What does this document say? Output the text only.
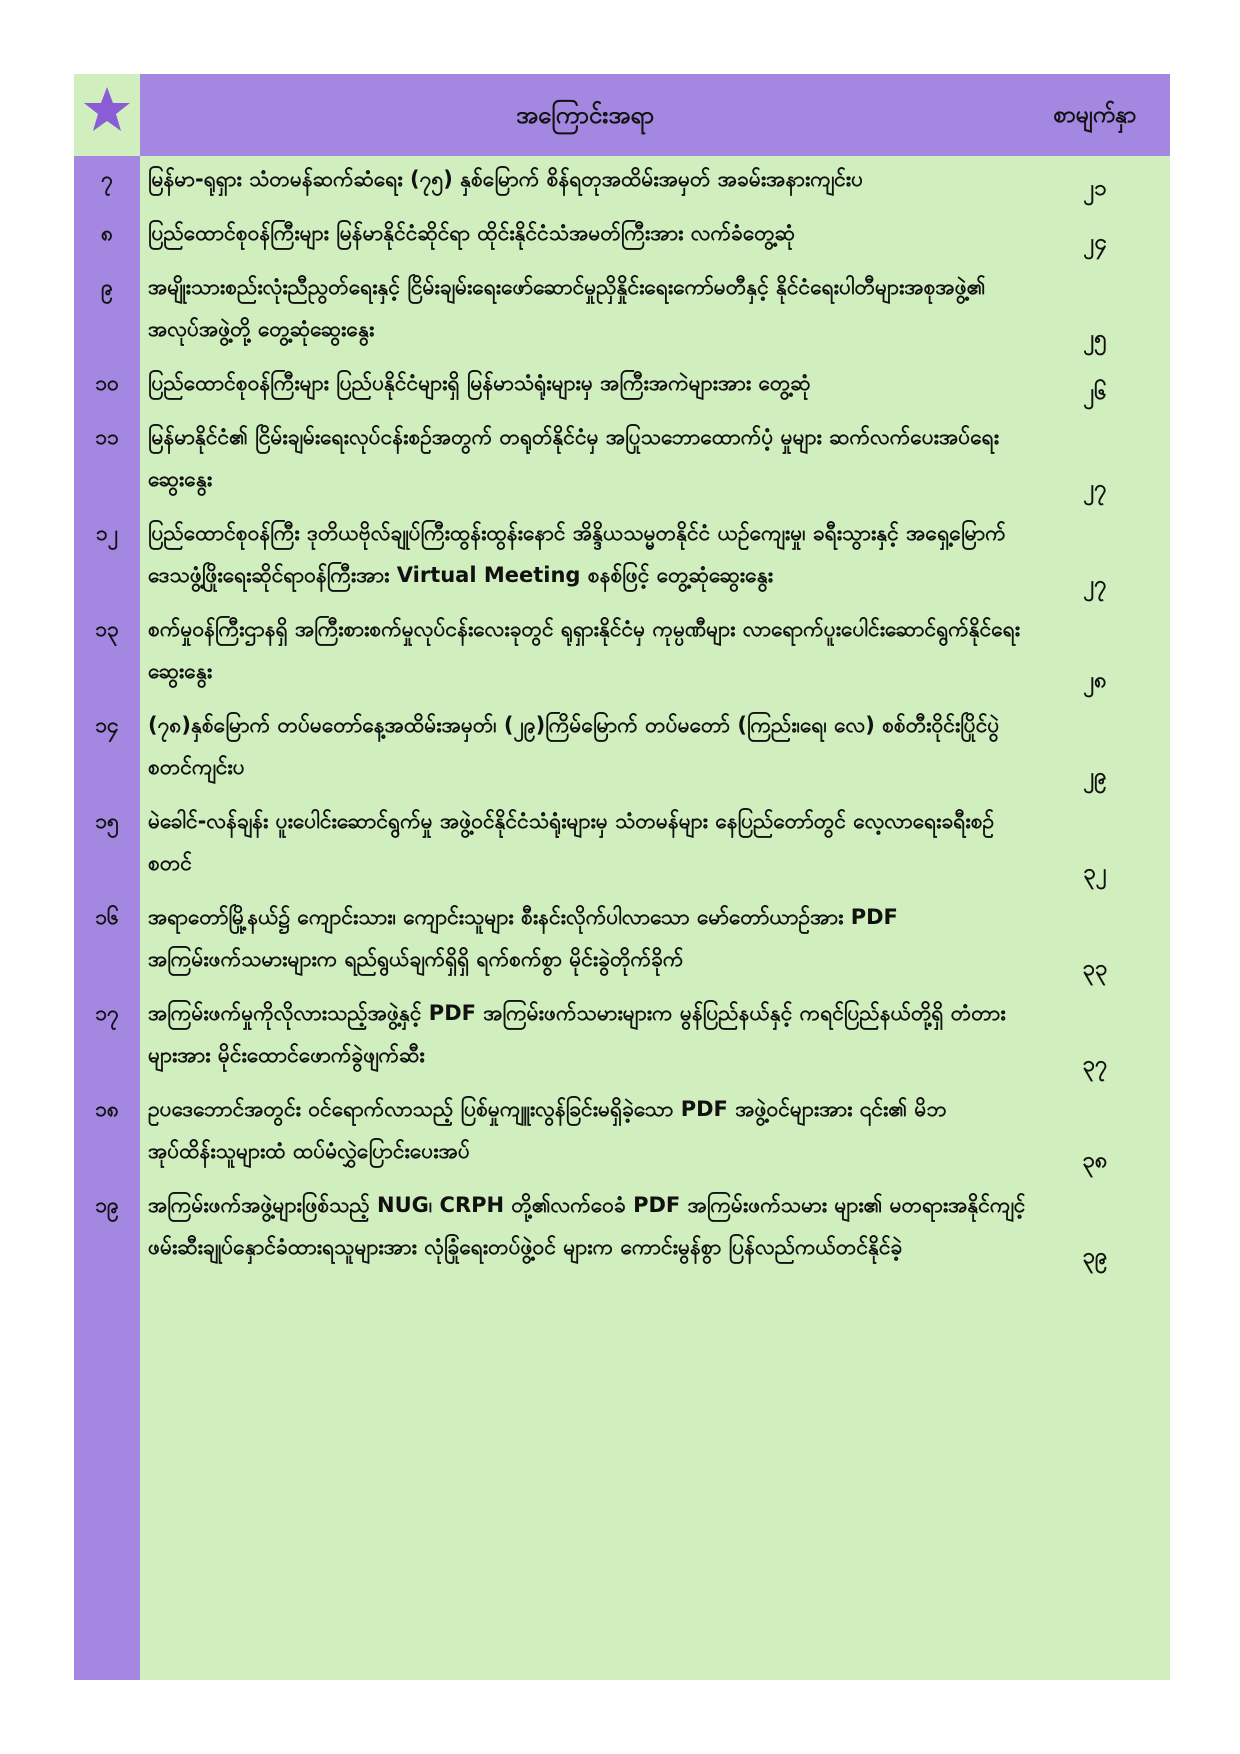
အကြောင်းအရာ	စာမျက်နှာ
၇	မြန်မာ-ရုရှား သံတမန်ဆက်ဆံရေး (၇၅) နှစ်မြောက် စိန်ရတုအထိမ်းအမှတ် အခမ်းအနားကျင်းပ	၂၁
၈	ပြည်ထောင်စုဝန်ကြီးများ မြန်မာနိုင်ငံဆိုင်ရာ ထိုင်းနိုင်ငံသံအမတ်ကြီးအား လက်ခံတွေ့ဆုံ	၂၄
၉	အမျိုးသားစည်းလုံးညီညွတ်ရေးနှင့် ငြိမ်းချမ်းရေးဖော်ဆောင်မှုညှိနှိုင်းရေးကော်မတီနှင့် နိုင်ငံရေးပါတီများအစုအဖွဲ့၏ အလုပ်အဖွဲ့တို့ တွေ့ဆုံဆွေးနွေး	၂၅
၁၀	ပြည်ထောင်စုဝန်ကြီးများ ပြည်ပနိုင်ငံများရှိ မြန်မာသံရုံးများမှ အကြီးအကဲများအား တွေ့ဆုံ	၂၆
၁၁	မြန်မာနိုင်ငံ၏ ငြိမ်းချမ်းရေးလုပ်ငန်းစဉ်အတွက် တရုတ်နိုင်ငံမှ အပြုသဘောထောက်ပံ့ မှုများ ဆက်လက်ပေးအပ်ရေးဆွေးနွေး	၂၇
၁၂	ပြည်ထောင်စုဝန်ကြီး ဒုတိယဗိုလ်ချုပ်ကြီးထွန်းထွန်းနောင် အိန္ဒိယသမ္မတနိုင်ငံ ယဉ်ကျေးမှု၊ ခရီးသွားနှင့် အရှေ့မြောက်ဒေသဖွံ့ဖြိုးရေးဆိုင်ရာဝန်ကြီးအား Virtual Meeting စနစ်ဖြင့် တွေ့ဆုံဆွေးနွေး	၂၇
၁၃	စက်မှုဝန်ကြီးဌာနရှိ အကြီးစားစက်မှုလုပ်ငန်းလေးခုတွင် ရုရှားနိုင်ငံမှ ကုမ္ပဏီများ လာရောက်ပူးပေါင်းဆောင်ရွက်နိုင်ရေးဆွေးနွေး	၂၈
၁၄	(၇၈)နှစ်မြောက် တပ်မတော်နေ့အထိမ်းအမှတ်၊ (၂၉)ကြိမ်မြောက် တပ်မတော် (ကြည်း၊ရေ၊ လေ) စစ်တီးဝိုင်းပြိုင်ပွဲ စတင်ကျင်းပ	၂၉
၁၅	မဲခေါင်-လန်ချန်း ပူးပေါင်းဆောင်ရွက်မှု အဖွဲ့ဝင်နိုင်ငံသံရုံးများမှ သံတမန်များ နေပြည်တော်တွင် လေ့လာရေးခရီးစဉ်စတင်	၃၂
၁၆	အရာတော်မြို့နယ်၌ ကျောင်းသား၊ ကျောင်းသူများ စီးနင်းလိုက်ပါလာသော မော်တော်ယာဉ်အား PDF အကြမ်းဖက်သမားများက ရည်ရွယ်ချက်ရှိရှိ ရက်စက်စွာ မိုင်းခွဲတိုက်ခိုက်	၃၃
၁၇	အကြမ်းဖက်မှုကိုလိုလားသည့်အဖွဲ့နှင့် PDF အကြမ်းဖက်သမားများက မွန်ပြည်နယ်နှင့် ကရင်ပြည်နယ်တို့ရှိ တံတားများအား မိုင်းထောင်ဖောက်ခွဲဖျက်ဆီး	၃၇
၁၈	ဥပဒေဘောင်အတွင်း ဝင်ရောက်လာသည့် ပြစ်မှုကျူးလွန်ခြင်းမရှိခဲ့သော PDF အဖွဲ့ဝင်များအား ၎င်း၏ မိဘအုပ်ထိန်းသူများထံ ထပ်မံလွှဲပြောင်းပေးအပ်	၃၈
၁၉	အကြမ်းဖက်အဖွဲ့များဖြစ်သည့် NUG၊ CRPH တို့၏လက်ဝေခံ PDF အကြမ်းဖက်သမား များ၏ မတရားအနိုင်ကျင့်ဖမ်းဆီးချုပ်နှောင်ခံထားရသူများအား လုံခြုံရေးတပ်ဖွဲ့ဝင် များက ကောင်းမွန်စွာ ပြန်လည်ကယ်တင်နိုင်ခဲ့	၃၉
